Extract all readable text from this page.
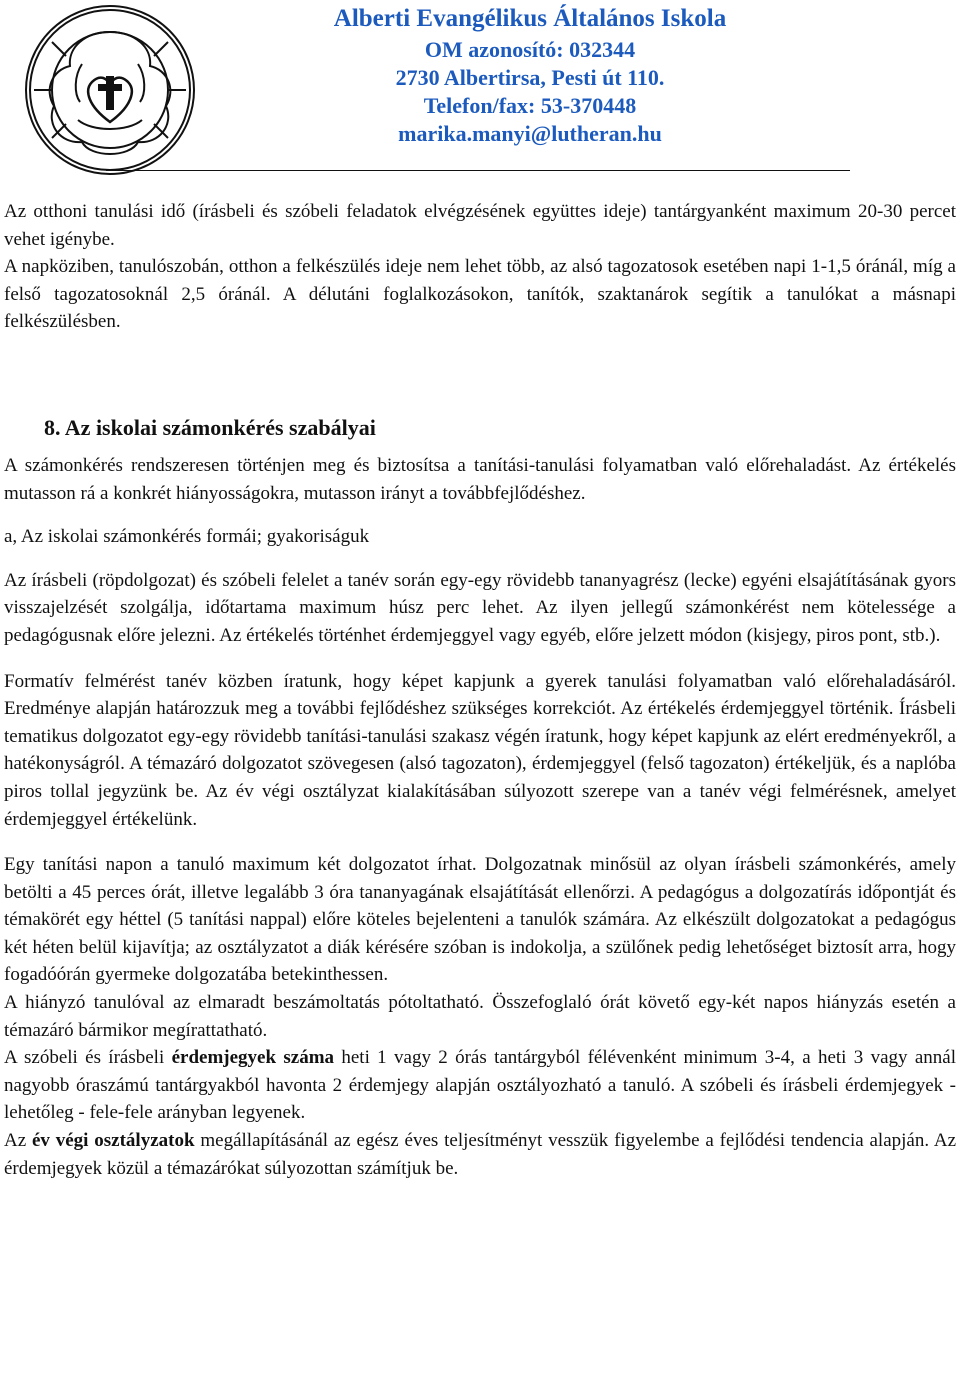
Alberti Evangélikus Általános Iskola
OM azonosító: 032344
2730 Albertirsa, Pesti út 110.
Telefon/fax: 53-370448
marika.manyi@lutheran.hu

Az otthoni tanulási idő (írásbeli és szóbeli feladatok elvégzésének együttes ideje) tantárgyanként maximum 20-30 percet vehet igénybe.

A napköziben, tanulószobán, otthon a felkészülés ideje nem lehet több, az alsó tagozatosok esetében napi 1-1,5 óránál, míg a felső tagozatosoknál 2,5 óránál. A délutáni foglalkozásokon, tanítók, szaktanárok segítik a tanulókat a másnapi felkészülésben.

8. Az iskolai számonkérés szabályai

A számonkérés rendszeresen történjen meg és biztosítsa a tanítási-tanulási folyamatban való előrehaladást. Az értékelés mutasson rá a konkrét hiányosságokra, mutasson irányt a továbbfejlődéshez.

a, Az iskolai számonkérés formái; gyakoriságuk

Az írásbeli (röpdolgozat) és szóbeli felelet a tanév során egy-egy rövidebb tananyagrész (lecke) egyéni elsajátításának gyors visszajelzését szolgálja, időtartama maximum húsz perc lehet. Az ilyen jellegű számonkérést nem kötelessége a pedagógusnak előre jelezni. Az értékelés történhet érdemjeggyel vagy egyéb, előre jelzett módon (kisjegy, piros pont, stb.).

Formatív felmérést tanév közben íratunk, hogy képet kapjunk a gyerek tanulási folyamatban való előrehaladásáról. Eredménye alapján határozzuk meg a további fejlődéshez szükséges korrekciót. Az értékelés érdemjeggyel történik. Írásbeli tematikus dolgozatot egy-egy rövidebb tanítási-tanulási szakasz végén íratunk, hogy képet kapjunk az elért eredményekről, a hatékonyságról. A témazáró dolgozatot szövegesen (alsó tagozaton), érdemjeggyel (felső tagozaton) értékeljük, és a naplóba piros tollal jegyzünk be. Az év végi osztályzat kialakításában súlyozott szerepe van a tanév végi felmérésnek, amelyet érdemjeggyel értékelünk.

Egy tanítási napon a tanuló maximum két dolgozatot írhat. Dolgozatnak minősül az olyan írásbeli számonkérés, amely betölti a 45 perces órát, illetve legalább 3 óra tananyagának elsajátítását ellenőrzi. A pedagógus a dolgozatírás időpontját és témakörét egy héttel (5 tanítási nappal) előre köteles bejelenteni a tanulók számára. Az elkészült dolgozatokat a pedagógus két héten belül kijavítja; az osztályzatot a diák kérésére szóban is indokolja, a szülőnek pedig lehetőséget biztosít arra, hogy fogadóórán gyermeke dolgozatába betekinthessen.

A hiányzó tanulóval az elmaradt beszámoltatás pótoltatható. Összefoglaló órát követő egy-két napos hiányzás esetén a témazáró bármikor megírattatható.

A szóbeli és írásbeli érdemjegyek száma heti 1 vagy 2 órás tantárgyból félévenként minimum 3-4, a heti 3 vagy annál nagyobb óraszámú tantárgyakból havonta 2 érdemjegy alapján osztályozható a tanuló. A szóbeli és írásbeli érdemjegyek - lehetőleg - fele-fele arányban legyenek.

Az év végi osztályzatok megállapításánál az egész éves teljesítményt vesszük figyelembe a fejlődési tendencia alapján. Az érdemjegyek közül a témazárókat súlyozottan számítjuk be.
